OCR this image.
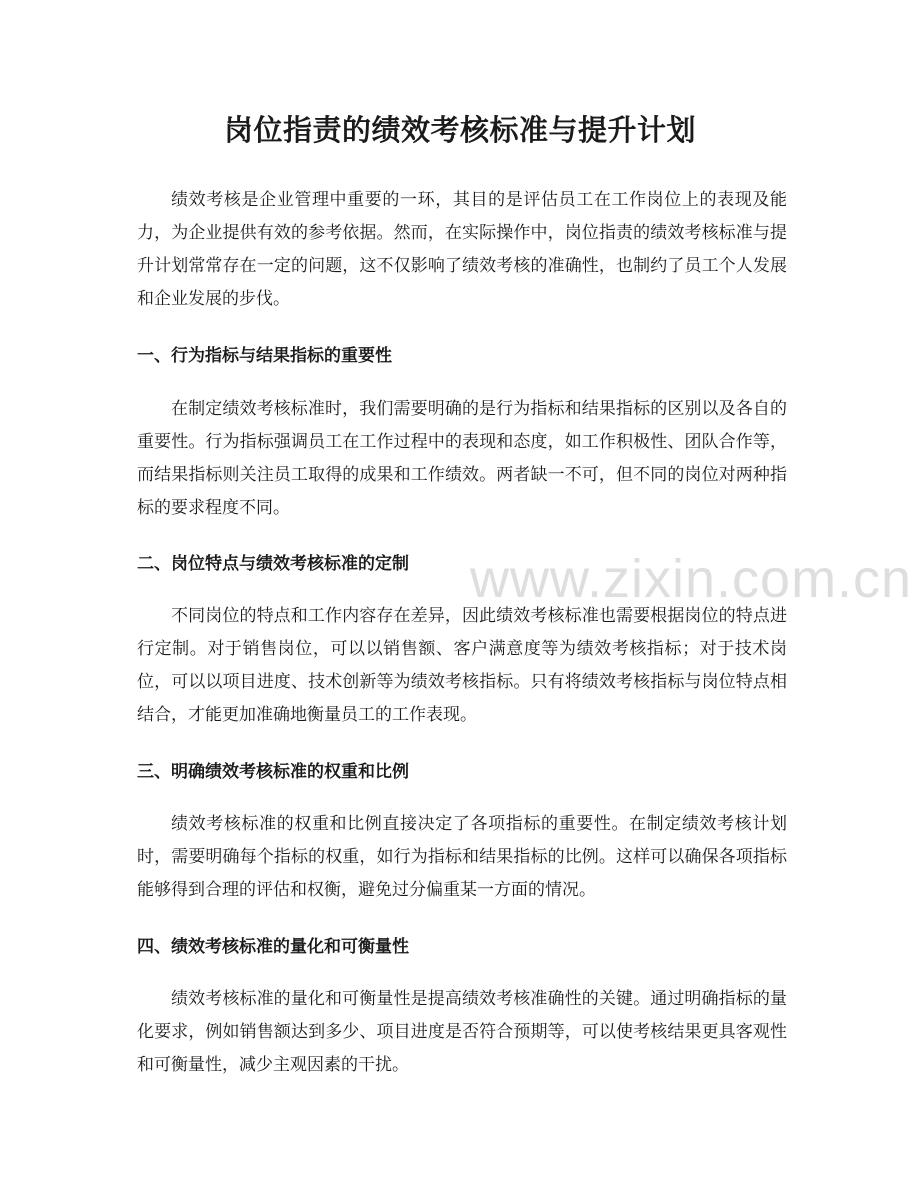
岗位指责的绩效考核标准与提升计划

绩效考核是企业管理中重要的一环，其目的是评估员工在工作岗位上的表现及能力，为企业提供有效的参考依据。然而，在实际操作中，岗位指责的绩效考核标准与提升计划常常存在一定的问题，这不仅影响了绩效考核的准确性，也制约了员工个人发展和企业发展的步伐。

一、行为指标与结果指标的重要性

在制定绩效考核标准时，我们需要明确的是行为指标和结果指标的区别以及各自的重要性。行为指标强调员工在工作过程中的表现和态度，如工作积极性、团队合作等，而结果指标则关注员工取得的成果和工作绩效。两者缺一不可，但不同的岗位对两种指标的要求程度不同。

二、岗位特点与绩效考核标准的定制

不同岗位的特点和工作内容存在差异，因此绩效考核标准也需要根据岗位的特点进行定制。对于销售岗位，可以以销售额、客户满意度等为绩效考核指标；对于技术岗位，可以以项目进度、技术创新等为绩效考核指标。只有将绩效考核指标与岗位特点相结合，才能更加准确地衡量员工的工作表现。

三、明确绩效考核标准的权重和比例

绩效考核标准的权重和比例直接决定了各项指标的重要性。在制定绩效考核计划时，需要明确每个指标的权重，如行为指标和结果指标的比例。这样可以确保各项指标能够得到合理的评估和权衡，避免过分偏重某一方面的情况。

四、绩效考核标准的量化和可衡量性

绩效考核标准的量化和可衡量性是提高绩效考核准确性的关键。通过明确指标的量化要求，例如销售额达到多少、项目进度是否符合预期等，可以使考核结果更具客观性和可衡量性，减少主观因素的干扰。

www.zixin.com.cn
